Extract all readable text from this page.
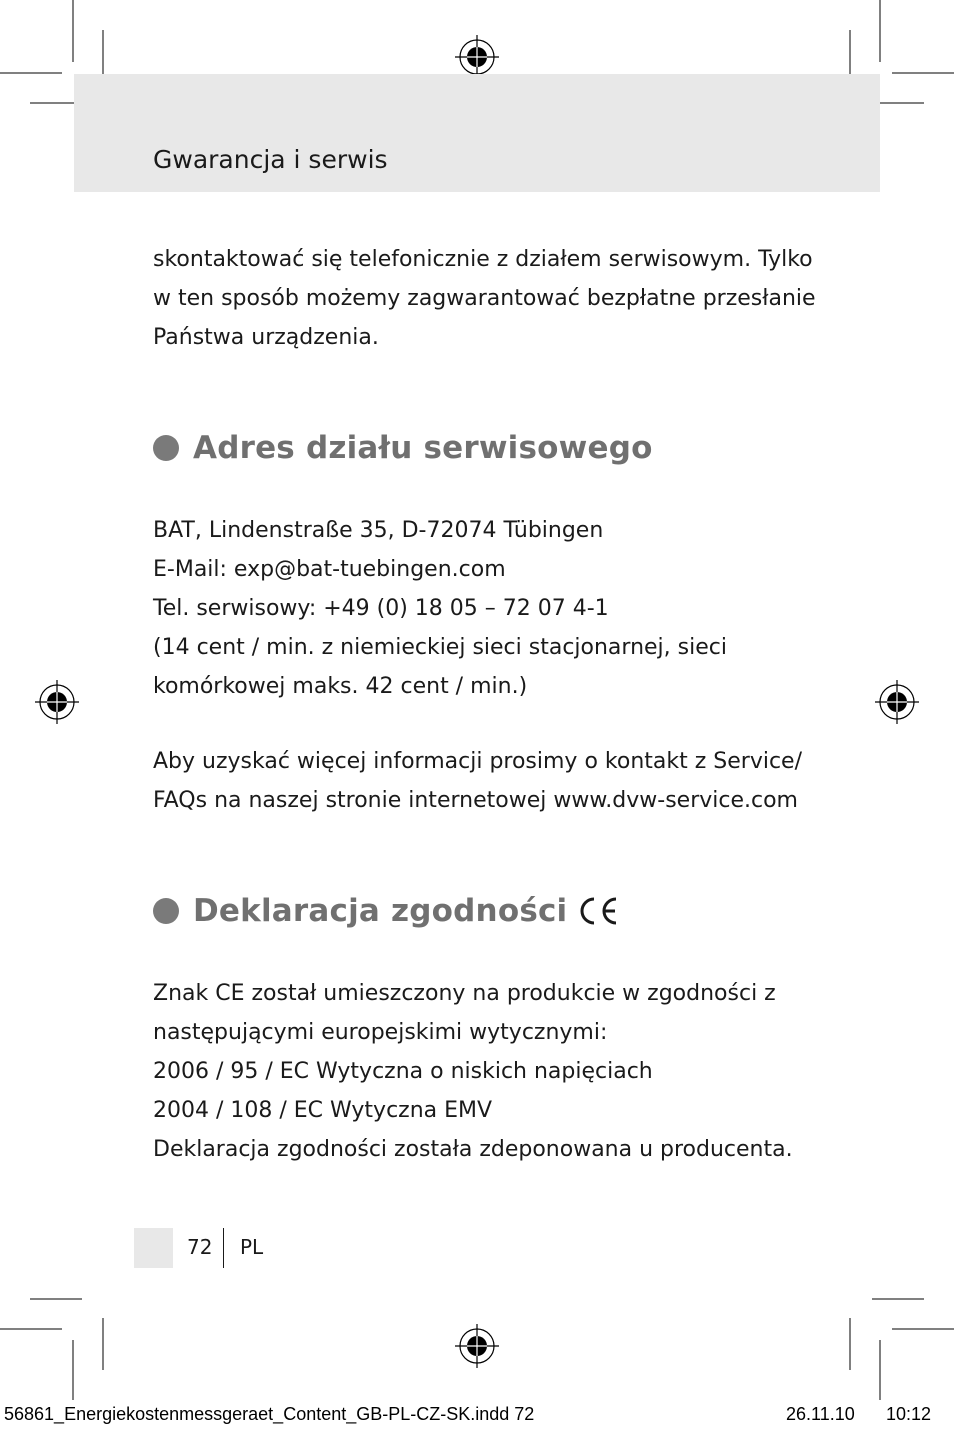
Gwarancja i serwis
skontaktować się telefonicznie z działem serwisowym. Tylko
w ten sposób możemy zagwarantować bezpłatne przesłanie
Państwa urządzenia.
Adres działu serwisowego
BAT, Lindenstraße 35, D-72074 Tübingen
E-Mail: exp@bat-tuebingen.com
Tel. serwisowy: +49 (0) 18 05 – 72 07 4-1
(14 cent / min. z niemieckiej sieci stacjonarnej, sieci
komórkowej maks. 42 cent / min.)
Aby uzyskać więcej informacji prosimy o kontakt z Service/
FAQs na naszej stronie internetowej www.dvw-service.com
Deklaracja zgodności
Znak CE został umieszczony na produkcie w zgodności z
następującymi europejskimi wytycznymi:
2006 / 95 / EC Wytyczna o niskich napięciach
2004 / 108 / EC Wytyczna EMV
Deklaracja zgodności została zdeponowana u producenta.
72 PL
56861_Energiekostenmessgeraet_Content_GB-PL-CZ-SK.indd 72	26.11.10 10:12
